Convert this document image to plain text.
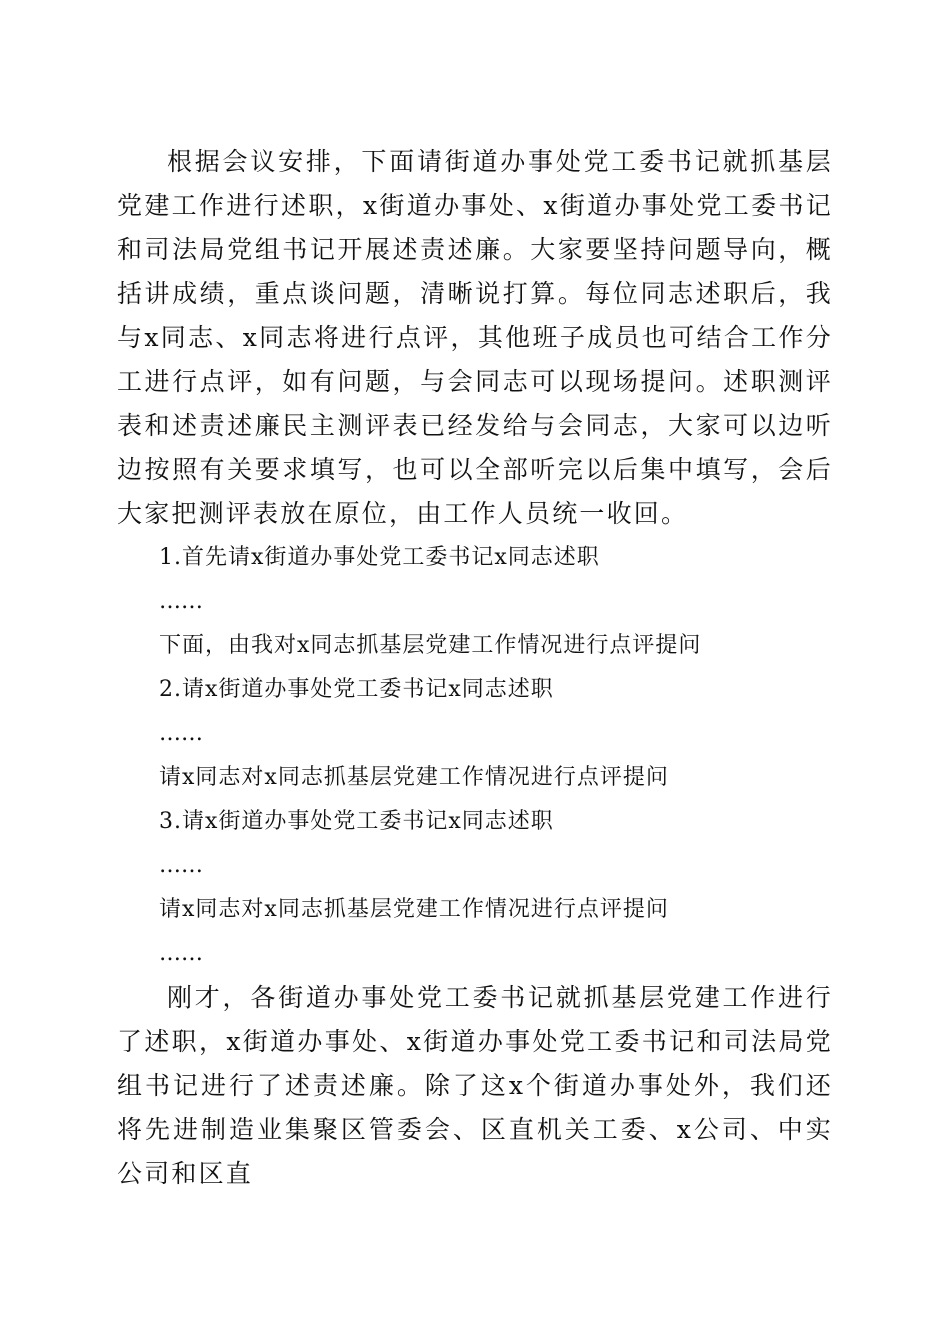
根据会议安排，下面请街道办事处党工委书记就抓基层党建工作进行述职，x街道办事处、x街道办事处党工委书记和司法局党组书记开展述责述廉。大家要坚持问题导向，概括讲成绩，重点谈问题，清晰说打算。每位同志述职后，我与x同志、x同志将进行点评，其他班子成员也可结合工作分工进行点评，如有问题，与会同志可以现场提问。述职测评表和述责述廉民主测评表已经发给与会同志，大家可以边听边按照有关要求填写，也可以全部听完以后集中填写，会后大家把测评表放在原位，由工作人员统一收回。

1.首先请x街道办事处党工委书记x同志述职

……

下面，由我对x同志抓基层党建工作情况进行点评提问

2.请x街道办事处党工委书记x同志述职

……

请x同志对x同志抓基层党建工作情况进行点评提问

3.请x街道办事处党工委书记x同志述职

……

请x同志对x同志抓基层党建工作情况进行点评提问

……

刚才，各街道办事处党工委书记就抓基层党建工作进行了述职，x街道办事处、x街道办事处党工委书记和司法局党组书记进行了述责述廉。除了这x个街道办事处外，我们还将先进制造业集聚区管委会、区直机关工委、x公司、中实公司和区直
